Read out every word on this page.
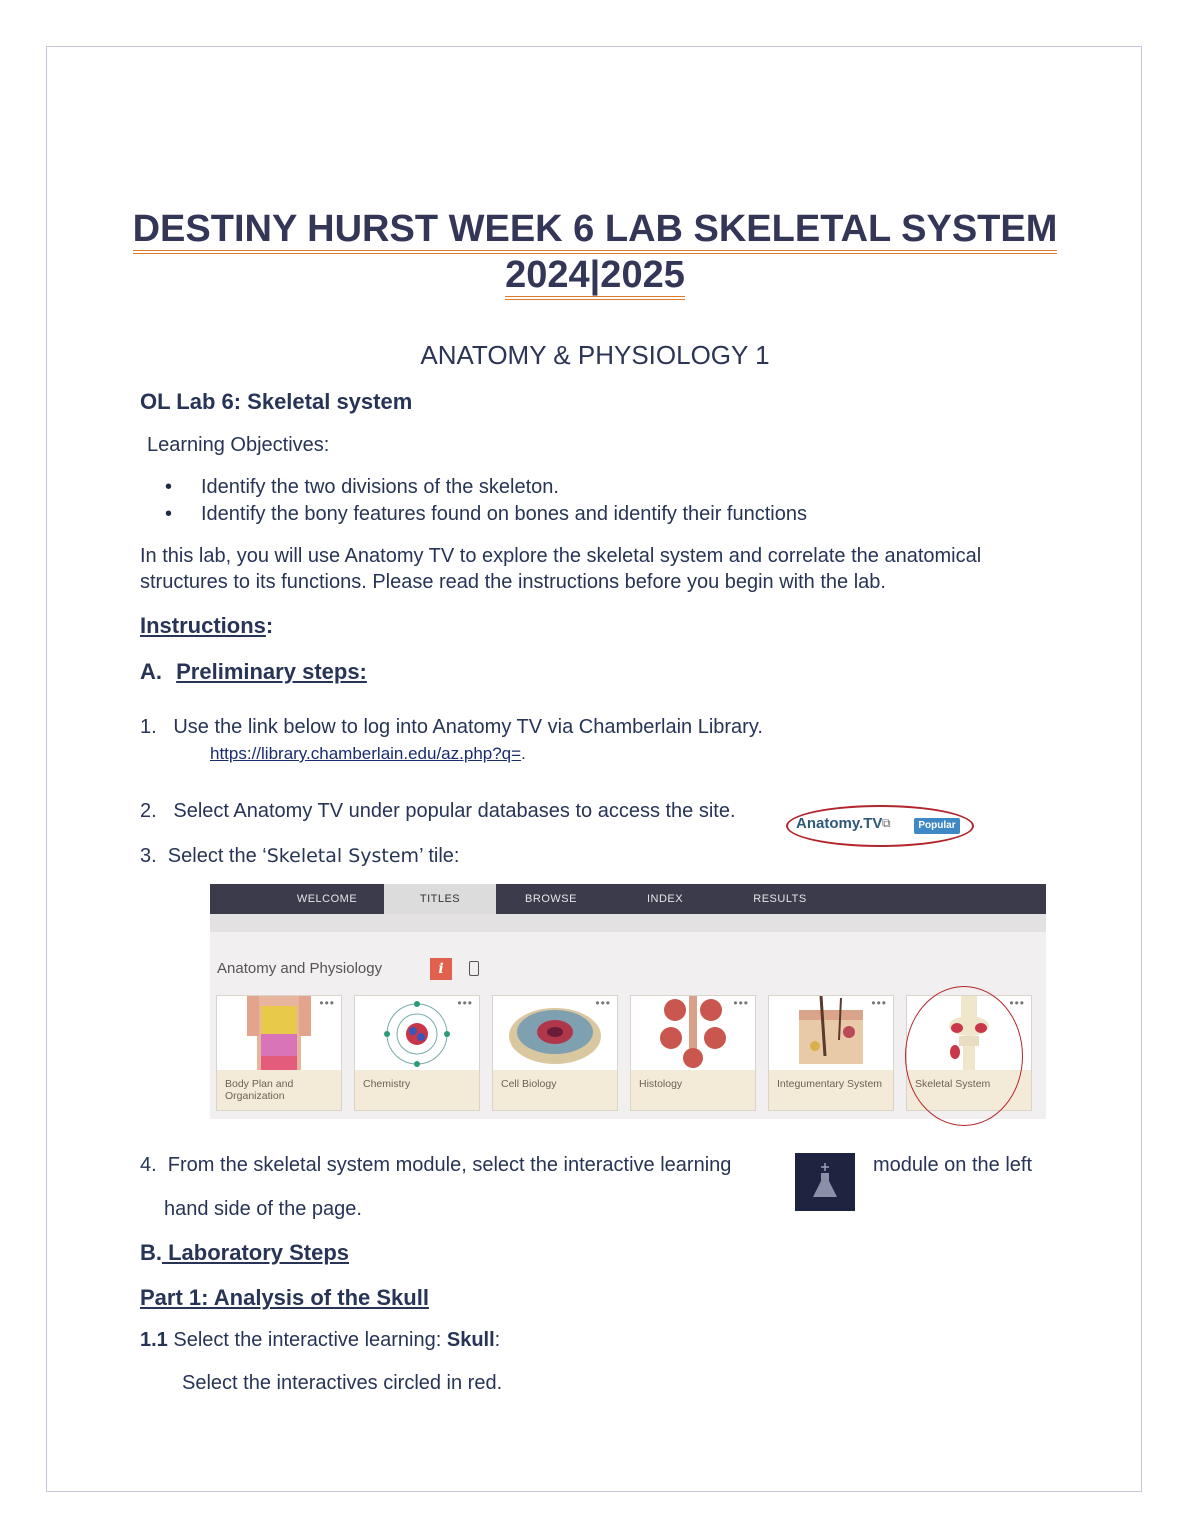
DESTINY HURST WEEK 6 LAB SKELETAL SYSTEM
2024|2025
ANATOMY & PHYSIOLOGY 1
OL Lab 6: Skeletal system
Learning Objectives:
• Identify the two divisions of the skeleton.
• Identify the bony features found on bones and identify their functions
In this lab, you will use Anatomy TV to explore the skeletal system and correlate the anatomical
structures to its functions. Please read the instructions before you begin with the lab.
Instructions:
A. Preliminary steps:
1.   Use the link below to log into Anatomy TV via Chamberlain Library.
https://library.chamberlain.edu/az.php?q=.
2.   Select Anatomy TV under popular databases to access the site.
Anatomy.TV ⧉	Popular
3.  Select the ‘Skeletal System’ tile:
WELCOME	TITLES	BROWSE	INDEX	RESULTS
Anatomy and Physiology	i
Body Plan and Organization
•••
Chemistry
•••
Cell Biology
•••
Histology
•••
Integumentary System
•••
Skeletal System
•••
4.  From the skeletal system module, select the interactive learning	module on the left
hand side of the page.
B. Laboratory Steps
Part 1: Analysis of the Skull
1.1 Select the interactive learning: Skull:
Select the interactives circled in red.
